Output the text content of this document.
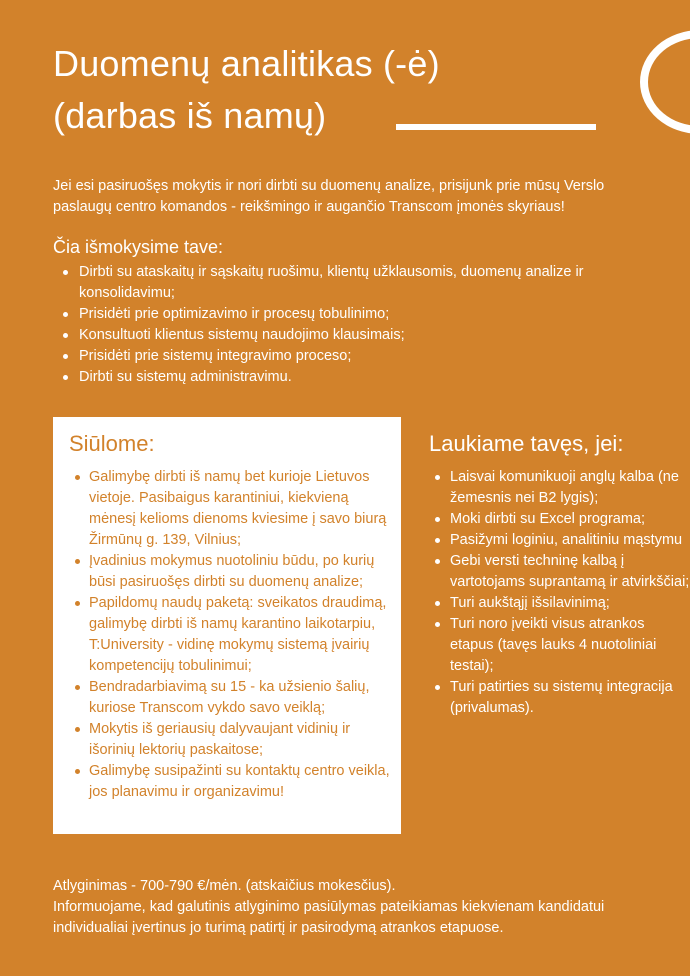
Duomenų analitikas (-ė)
(darbas iš namų)

Jei esi pasiruošęs mokytis ir nori dirbti su duomenų analize, prisijunk prie mūsų Verslo paslaugų centro komandos - reikšmingo ir augančio Transcom įmonės skyriaus!

Čia išmokysime tave:
Dirbti su ataskaitų ir sąskaitų ruošimu, klientų užklausomis, duomenų analize ir konsolidavimu;
Prisidėti prie optimizavimo ir procesų tobulinimo;
Konsultuoti klientus sistemų naudojimo klausimais;
Prisidėti prie sistemų integravimo proceso;
Dirbti su sistemų administravimu.
Siūlome:
Galimybę dirbti iš namų bet kurioje Lietuvos vietoje. Pasibaigus karantiniui, kiekvieną mėnesį kelioms dienoms kviesime į savo biurą Žirmūnų g. 139, Vilnius;
Įvadinius mokymus nuotoliniu būdu, po kurių būsi pasiruošęs dirbti su duomenų analize;
Papildomų naudų paketą: sveikatos draudimą, galimybę dirbti iš namų karantino laikotarpiu, T:University - vidinę mokymų sistemą įvairių kompetencijų tobulinimui;
Bendradarbiavimą su 15 - ka užsienio šalių, kuriose Transcom vykdo savo veiklą;
Mokytis iš geriausių dalyvaujant vidinių ir išorinių lektorių paskaitose;
Galimybę susipažinti su kontaktų centro veikla, jos planavimu ir organizavimu!
Laukiame tavęs, jei:
Laisvai komunikuoji anglų kalba (ne žemesnis nei B2 lygis);
Moki dirbti su Excel programa;
Pasižymi loginiu, analitiniu mąstymu
Gebi versti techninę kalbą į vartotojams suprantamą ir atvirkščiai;
Turi aukštąjį išsilavinimą;
Turi noro įveikti visus atrankos etapus (tavęs lauks 4 nuotoliniai testai);
Turi patirties su sistemų integracija (privalumas).

Atlyginimas - 700-790 €/mėn. (atskaičius mokesčius).
Informuojame, kad galutinis atlyginimo pasiūlymas pateikiamas kiekvienam kandidatui individualiai įvertinus jo turimą patirtį ir pasirodymą atrankos etapuose.
